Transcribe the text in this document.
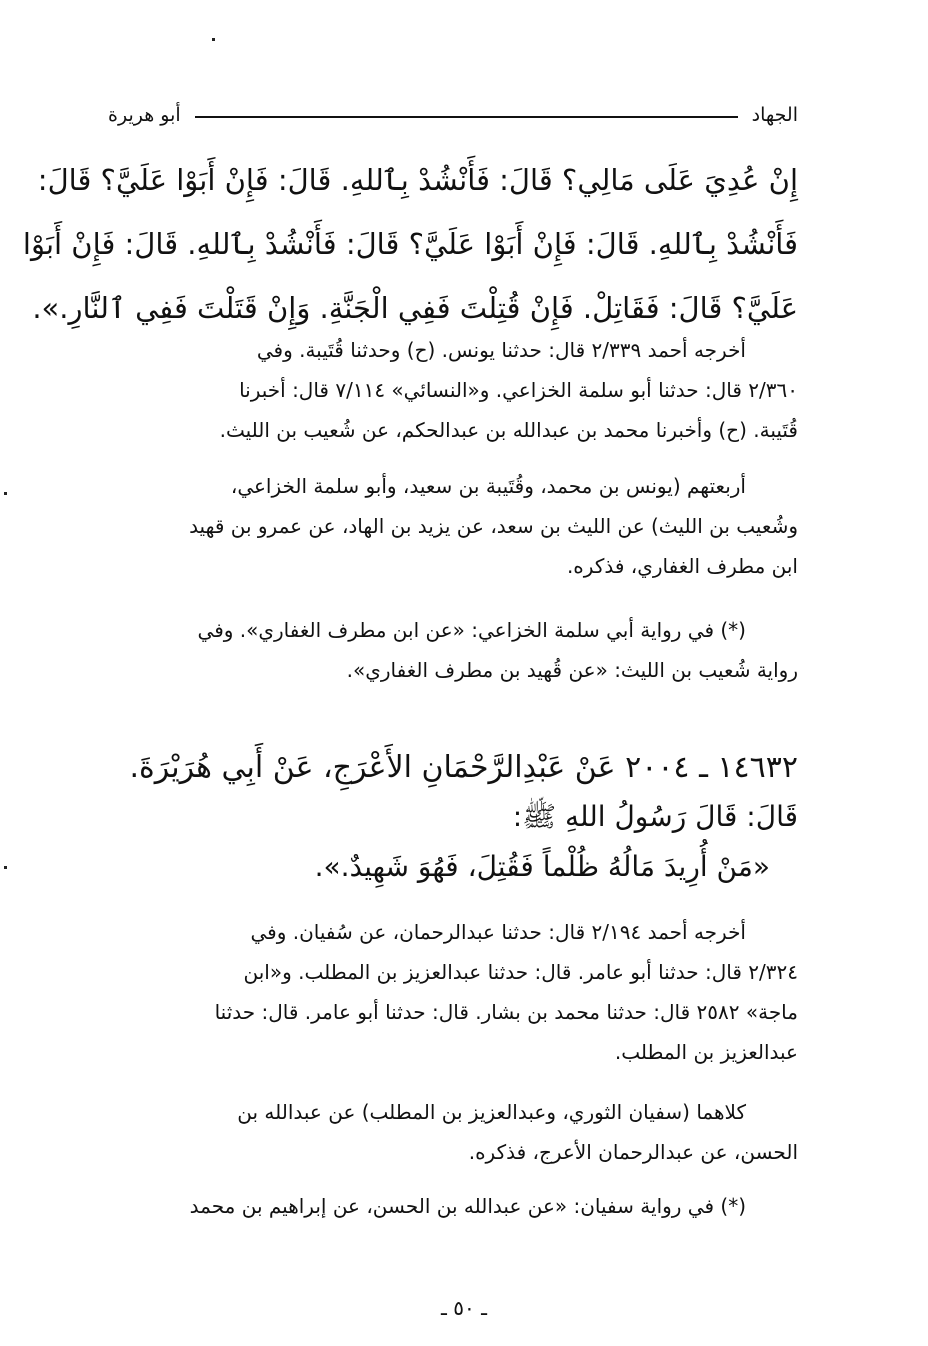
الجهاد
أبو هريرة
إِنْ عُدِيَ عَلَى مَالِي؟ قَالَ: فَأَنْشُدْ بِٱللهِ. قَالَ: فَإِنْ أَبَوْا عَلَيَّ؟ قَالَ:
فَأَنْشُدْ بِٱللهِ. قَالَ: فَإِنْ أَبَوْا عَلَيَّ؟ قَالَ: فَأَنْشُدْ بِٱللهِ. قَالَ: فَإِنْ أَبَوْا
عَلَيَّ؟ قَالَ: فَقَاتِلْ. فَإِنْ قُتِلْتَ فَفِي الْجَنَّةِ. وَإِنْ قَتَلْتَ فَفِي ٱلنَّارِ.».
أخرجه أحمد ٢/٣٣٩ قال: حدثنا يونس. (ح) وحدثنا قُتَيبة. وفي
٢/٣٦٠ قال: حدثنا أبو سلمة الخزاعي. و«النسائي» ٧/١١٤ قال: أخبرنا
قُتَيبة. (ح) وأخبرنا محمد بن عبدالله بن عبدالحكم، عن شُعيب بن الليث.
أربعتهم (يونس بن محمد، وقُتَيبة بن سعيد، وأبو سلمة الخزاعي،
وشُعيب بن الليث) عن الليث بن سعد، عن يزيد بن الهاد، عن عمرو بن قهيد
ابن مطرف الغفاري، فذكره.
(*) في رواية أبي سلمة الخزاعي: «عن ابن مطرف الغفاري». وفي
رواية شُعيب بن الليث: «عن قُهيد بن مطرف الغفاري».
١٤٦٣٢ ـ ٢٠٠٤ عَنْ عَبْدِالرَّحْمَانِ الأَعْرَجِ، عَنْ أَبِي هُرَيْرَةَ.
قَالَ: قَالَ رَسُولُ اللهِ ﷺ:
«مَنْ أُرِيدَ مَالُهُ ظُلْماً فَقُتِلَ، فَهُوَ شَهِيدٌ.».
أخرجه أحمد ٢/١٩٤ قال: حدثنا عبدالرحمان، عن سُفيان. وفي
٢/٣٢٤ قال: حدثنا أبو عامر. قال: حدثنا عبدالعزيز بن المطلب. و«ابن
ماجة» ٢٥٨٢ قال: حدثنا محمد بن بشار. قال: حدثنا أبو عامر. قال: حدثنا
عبدالعزيز بن المطلب.
كلاهما (سفيان الثوري، وعبدالعزيز بن المطلب) عن عبدالله بن
الحسن، عن عبدالرحمان الأعرج، فذكره.
(*) في رواية سفيان: «عن عبدالله بن الحسن، عن إبراهيم بن محمد
ـ ٥٠ ـ
